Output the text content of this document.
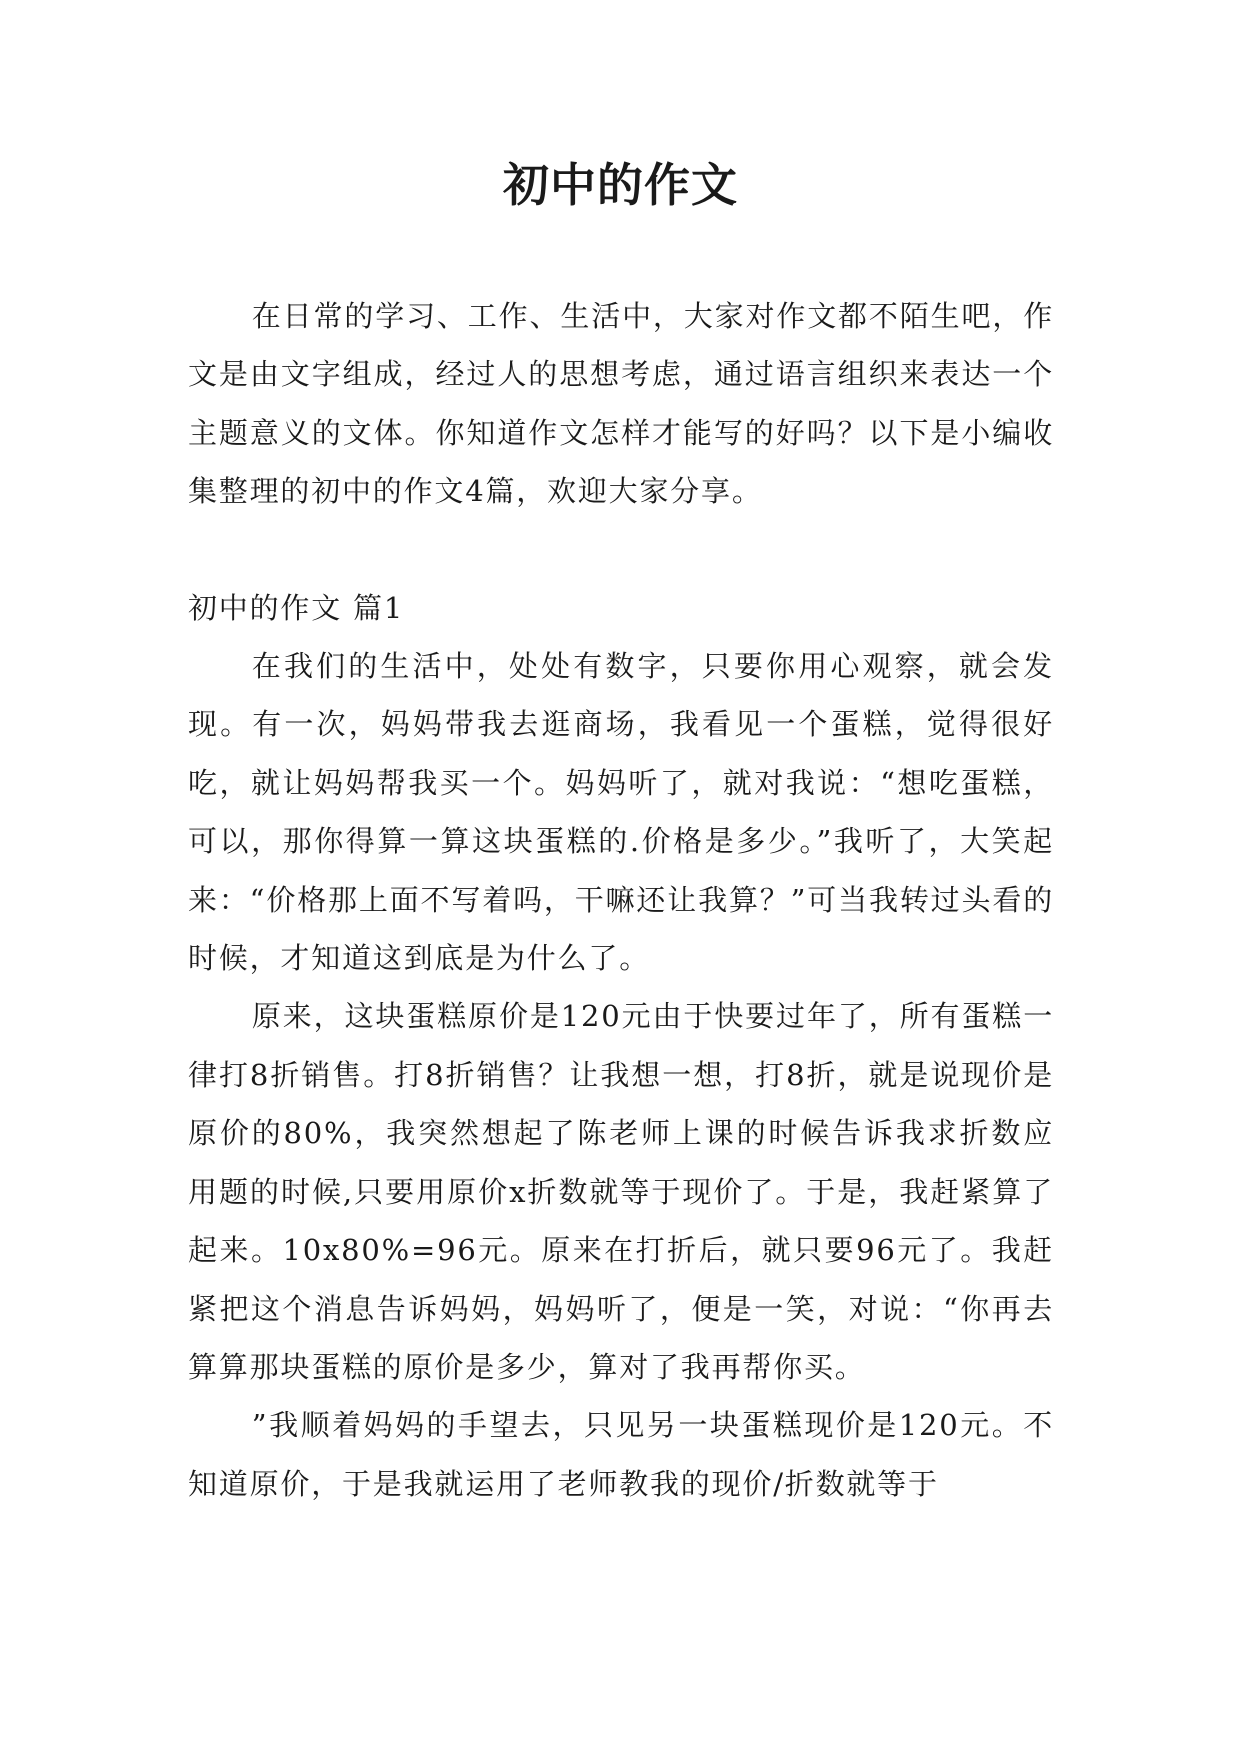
初中的作文

在日常的学习、工作、生活中，大家对作文都不陌生吧，作文是由文字组成，经过人的思想考虑，通过语言组织来表达一个主题意义的文体。你知道作文怎样才能写的好吗？以下是小编收集整理的初中的作文4篇，欢迎大家分享。

初中的作文 篇1

在我们的生活中，处处有数字，只要你用心观察，就会发现。有一次，妈妈带我去逛商场，我看见一个蛋糕，觉得很好吃，就让妈妈帮我买一个。妈妈听了，就对我说：“想吃蛋糕，可以，那你得算一算这块蛋糕的.价格是多少。”我听了，大笑起来：“价格那上面不写着吗，干嘛还让我算？”可当我转过头看的时候，才知道这到底是为什么了。

原来，这块蛋糕原价是120元由于快要过年了，所有蛋糕一律打8折销售。打8折销售？让我想一想，打8折，就是说现价是原价的80%，我突然想起了陈老师上课的时候告诉我求折数应用题的时候,只要用原价x折数就等于现价了。于是，我赶紧算了起来。10x80%=96元。原来在打折后，就只要96元了。我赶紧把这个消息告诉妈妈，妈妈听了，便是一笑，对说：“你再去算算那块蛋糕的原价是多少，算对了我再帮你买。

”我顺着妈妈的手望去，只见另一块蛋糕现价是120元。不知道原价，于是我就运用了老师教我的现价/折数就等于
